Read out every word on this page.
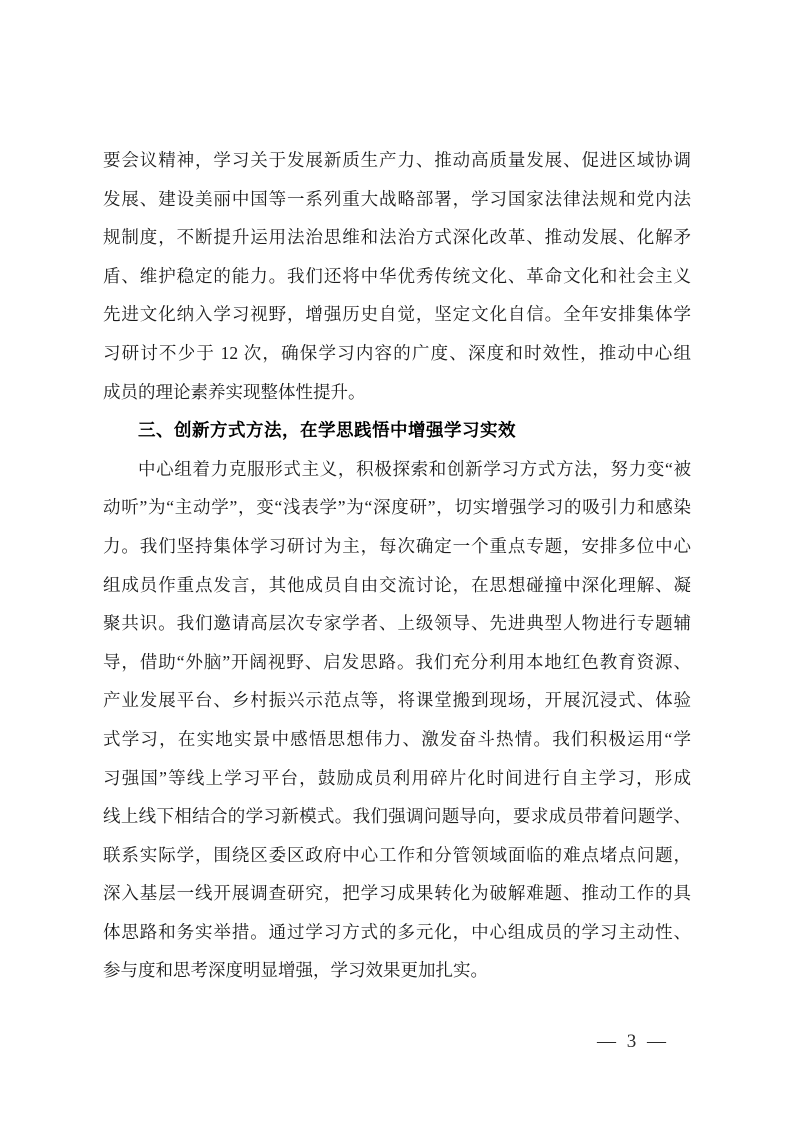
要会议精神，学习关于发展新质生产力、推动高质量发展、促进区域协调
发展、建设美丽中国等一系列重大战略部署，学习国家法律法规和党内法
规制度，不断提升运用法治思维和法治方式深化改革、推动发展、化解矛
盾、维护稳定的能力。我们还将中华优秀传统文化、革命文化和社会主义
先进文化纳入学习视野，增强历史自觉，坚定文化自信。全年安排集体学
习研讨不少于 12 次，确保学习内容的广度、深度和时效性，推动中心组
成员的理论素养实现整体性提升。
三、创新方式方法，在学思践悟中增强学习实效
中心组着力克服形式主义，积极探索和创新学习方式方法，努力变“被
动听”为“主动学”，变“浅表学”为“深度研”，切实增强学习的吸引力和感染
力。我们坚持集体学习研讨为主，每次确定一个重点专题，安排多位中心
组成员作重点发言，其他成员自由交流讨论，在思想碰撞中深化理解、凝
聚共识。我们邀请高层次专家学者、上级领导、先进典型人物进行专题辅
导，借助“外脑”开阔视野、启发思路。我们充分利用本地红色教育资源、
产业发展平台、乡村振兴示范点等，将课堂搬到现场，开展沉浸式、体验
式学习，在实地实景中感悟思想伟力、激发奋斗热情。我们积极运用“学
习强国”等线上学习平台，鼓励成员利用碎片化时间进行自主学习，形成
线上线下相结合的学习新模式。我们强调问题导向，要求成员带着问题学、
联系实际学，围绕区委区政府中心工作和分管领域面临的难点堵点问题，
深入基层一线开展调查研究，把学习成果转化为破解难题、推动工作的具
体思路和务实举措。通过学习方式的多元化，中心组成员的学习主动性、
参与度和思考深度明显增强，学习效果更加扎实。
— 3 —
